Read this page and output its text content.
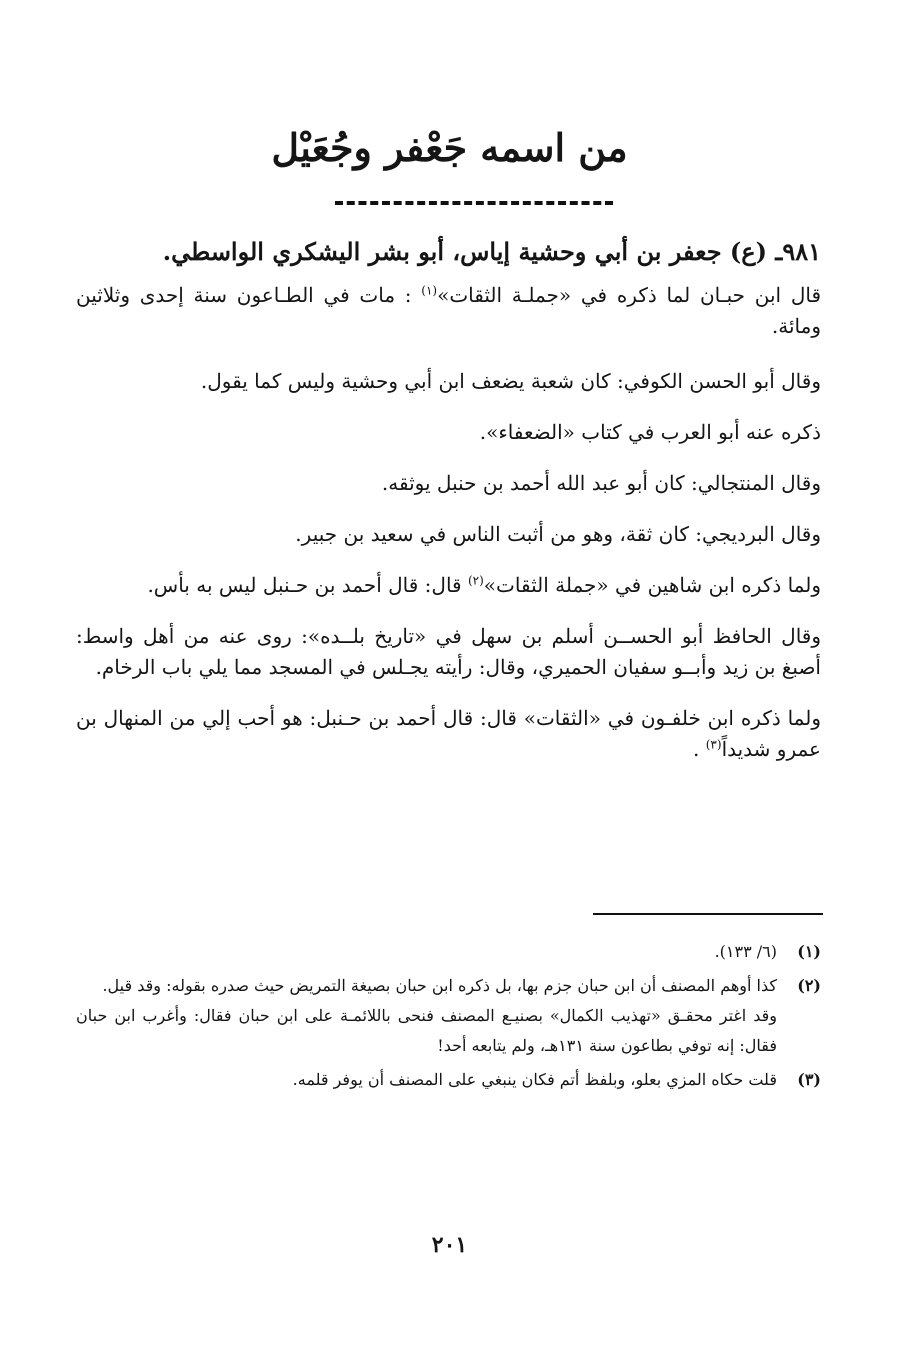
من اسمه جَعْفر وجُعَيْل
٩٨١ـ (ع) جعفر بن أبي وحشية إياس، أبو بشر اليشكري الواسطي.

قال ابن حبـان لما ذكره في «جملـة الثقات»$^{(١)}$ : مات في الطـاعون سنة إحدى وثلاثين ومائة.

وقال أبو الحسن الكوفي: كان شعبة يضعف ابن أبي وحشية وليس كما يقول.

ذكره عنه أبو العرب في كتاب «الضعفاء».

وقال المنتجالي: كان أبو عبد الله أحمد بن حنبل يوثقه.

وقال البرديجي: كان ثقة، وهو من أثبت الناس في سعيد بن جبير.

ولما ذكره ابن شاهين في «جملة الثقات»$^{(٢)}$ قال: قال أحمد بن حـنبل ليس به بأس.

وقال الحافظ أبو الحســن أسلم بن سهل في «تاريخ بلــده»: روى عنه من أهل واسط: أصبغ بن زيد وأبــو سفيان الحميري، وقال: رأيته يجـلس في المسجد مما يلي باب الرخام.

ولما ذكره ابن خلفـون في «الثقات» قال: قال أحمد بن حـنبل: هو أحب إلي من المنهال بن عمرو شديداً$^{(٣)}$ .

(١)
(٦/ ١٣٣).
(٢)
كذا أوهم المصنف أن ابن حبان جزم بها، بل ذكره ابن حبان بصيغة التمريض حيث صدره بقوله: وقد قيل.
وقد اغتر محقـق «تهذيب الكمال» بصنيـع المصنف فنحى باللائمـة على ابن حبان فقال: وأغرب ابن حبان فقال: إنه توفي بطاعون سنة ١٣١هـ، ولم يتابعه أحد!
(٣)
قلت حكاه المزي بعلو، وبلفظ أتم فكان ينبغي على المصنف أن يوفر قلمه.
٢٠١
